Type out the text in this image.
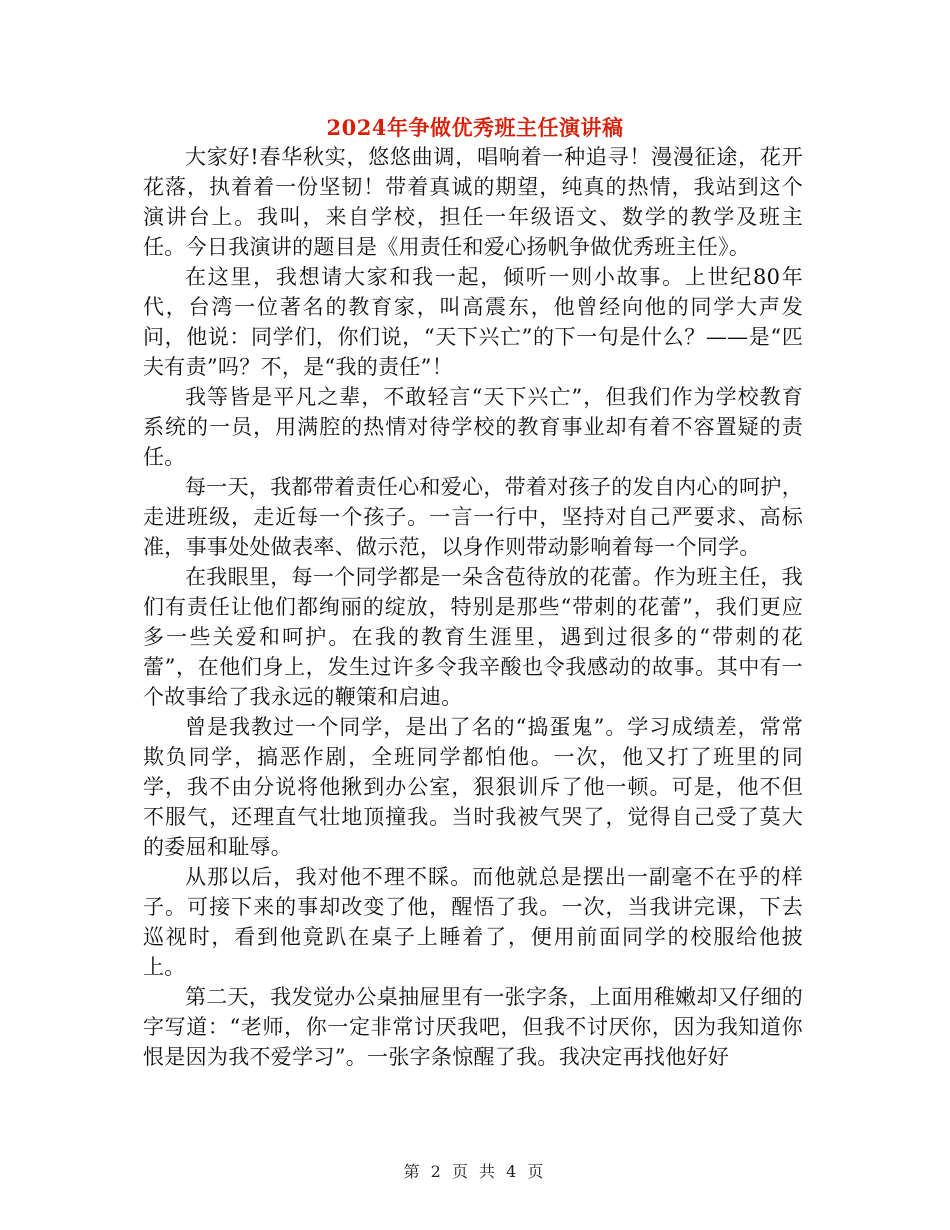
2024年争做优秀班主任演讲稿

大家好!春华秋实，悠悠曲调，唱响着一种追寻！漫漫征途，花开花落，执着着一份坚韧！带着真诚的期望，纯真的热情，我站到这个演讲台上。我叫，来自学校，担任一年级语文、数学的教学及班主任。今日我演讲的题目是《用责任和爱心扬帆争做优秀班主任》。

在这里，我想请大家和我一起，倾听一则小故事。上世纪80年代，台湾一位著名的教育家，叫高震东，他曾经向他的同学大声发问，他说：同学们，你们说，“天下兴亡”的下一句是什么？——是“匹夫有责”吗？不，是“我的责任”！

我等皆是平凡之辈，不敢轻言“天下兴亡”，但我们作为学校教育系统的一员，用满腔的热情对待学校的教育事业却有着不容置疑的责任。

每一天，我都带着责任心和爱心，带着对孩子的发自内心的呵护，走进班级，走近每一个孩子。一言一行中，坚持对自己严要求、高标准，事事处处做表率、做示范，以身作则带动影响着每一个同学。

在我眼里，每一个同学都是一朵含苞待放的花蕾。作为班主任，我们有责任让他们都绚丽的绽放，特别是那些“带刺的花蕾”，我们更应多一些关爱和呵护。在我的教育生涯里，遇到过很多的“带刺的花蕾”，在他们身上，发生过许多令我辛酸也令我感动的故事。其中有一个故事给了我永远的鞭策和启迪。

曾是我教过一个同学，是出了名的“捣蛋鬼”。学习成绩差，常常欺负同学，搞恶作剧，全班同学都怕他。一次，他又打了班里的同学，我不由分说将他揪到办公室，狠狠训斥了他一顿。可是，他不但不服气，还理直气壮地顶撞我。当时我被气哭了，觉得自己受了莫大的委屈和耻辱。

从那以后，我对他不理不睬。而他就总是摆出一副毫不在乎的样子。可接下来的事却改变了他，醒悟了我。一次，当我讲完课，下去巡视时，看到他竟趴在桌子上睡着了，便用前面同学的校服给他披上。

第二天，我发觉办公桌抽屉里有一张字条，上面用稚嫩却又仔细的字写道：“老师，你一定非常讨厌我吧，但我不讨厌你，因为我知道你恨是因为我不爱学习”。一张字条惊醒了我。我决定再找他好好

第 2 页 共 4 页
